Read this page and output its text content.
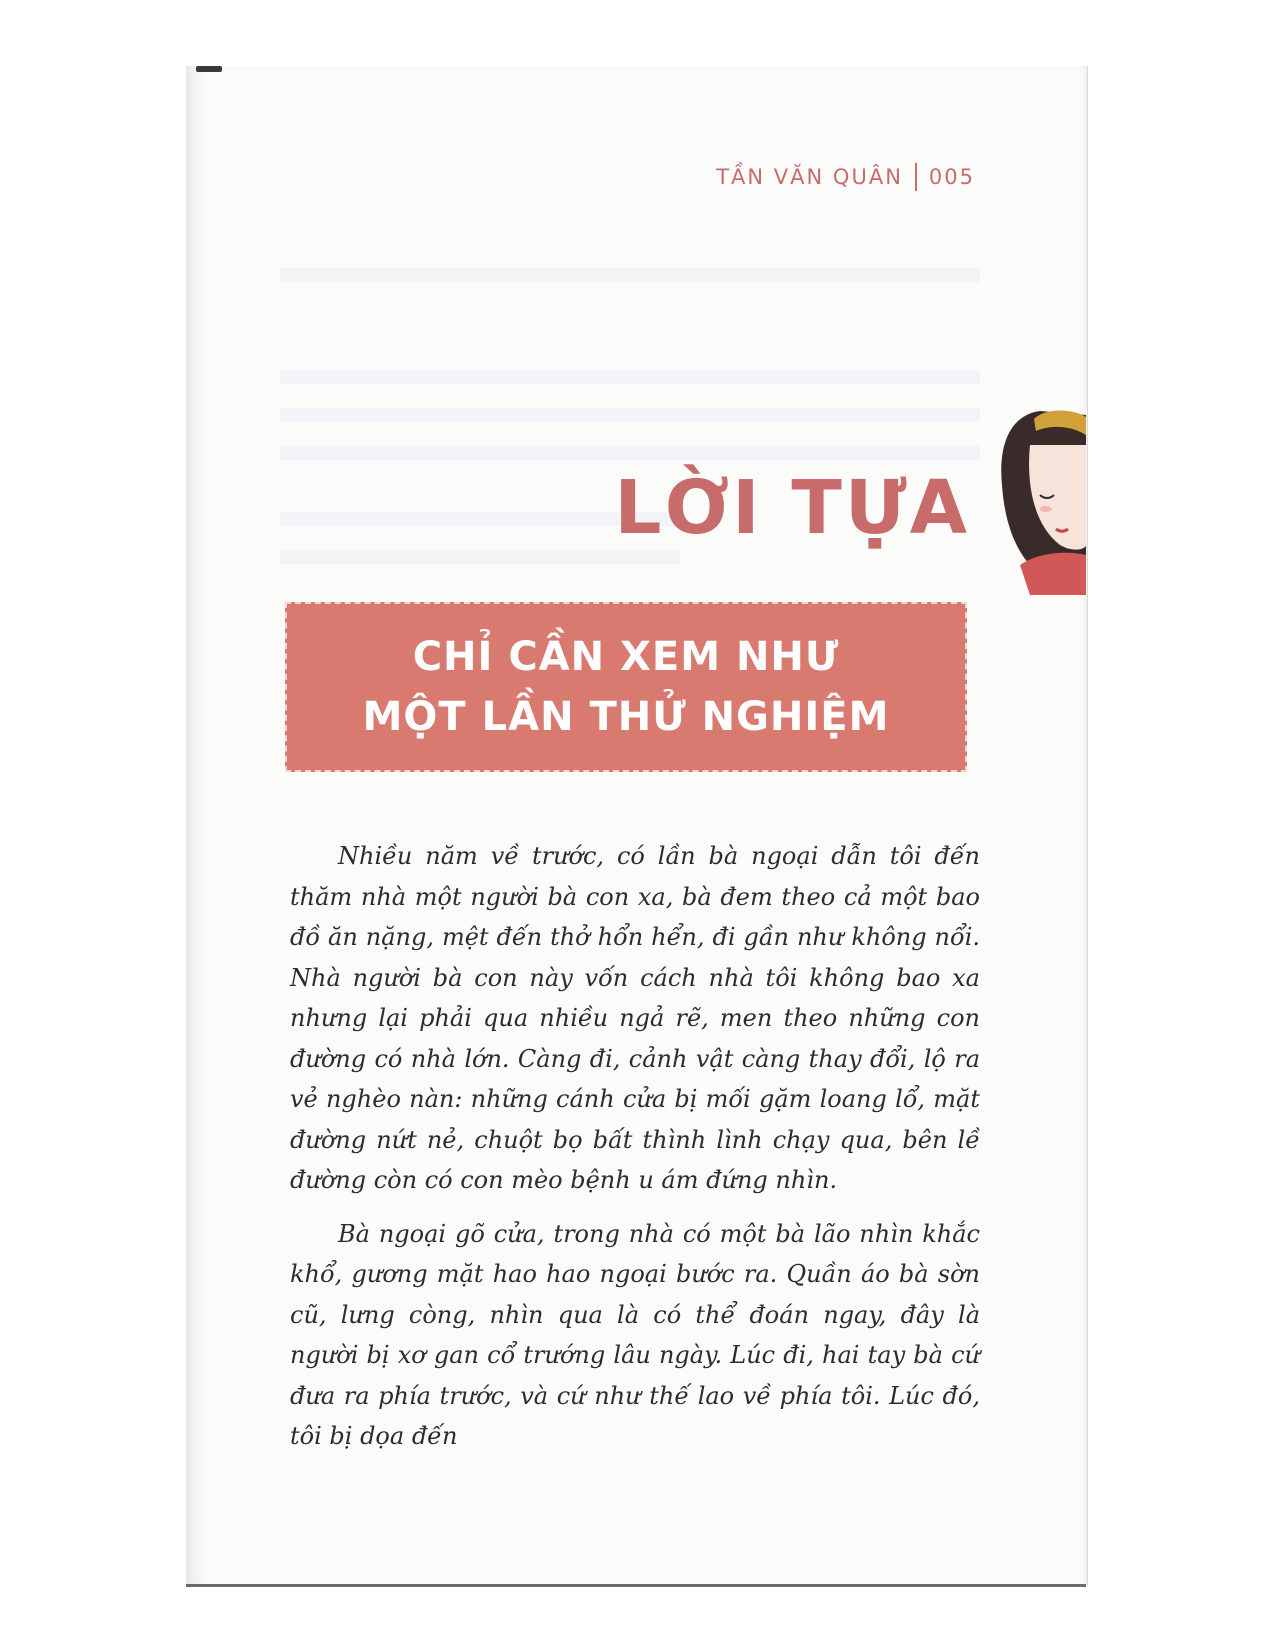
TẦN VĂN QUÂN 005
LỜI TỰA
CHỈ CẦN XEM NHƯ
MỘT LẦN THỬ NGHIỆM

Nhiều năm về trước, có lần bà ngoại dẫn tôi đến thăm nhà một người bà con xa, bà đem theo cả một bao đồ ăn nặng, mệt đến thở hổn hển, đi gần như không nổi. Nhà người bà con này vốn cách nhà tôi không bao xa nhưng lại phải qua nhiều ngả rẽ, men theo những con đường có nhà lớn. Càng đi, cảnh vật càng thay đổi, lộ ra vẻ nghèo nàn: những cánh cửa bị mối gặm loang lổ, mặt đường nứt nẻ, chuột bọ bất thình lình chạy qua, bên lề đường còn có con mèo bệnh u ám đứng nhìn.

Bà ngoại gõ cửa, trong nhà có một bà lão nhìn khắc khổ, gương mặt hao hao ngoại bước ra. Quần áo bà sờn cũ, lưng còng, nhìn qua là có thể đoán ngay, đây là người bị xơ gan cổ trướng lâu ngày. Lúc đi, hai tay bà cứ đưa ra phía trước, và cứ như thế lao về phía tôi. Lúc đó, tôi bị dọa đến
